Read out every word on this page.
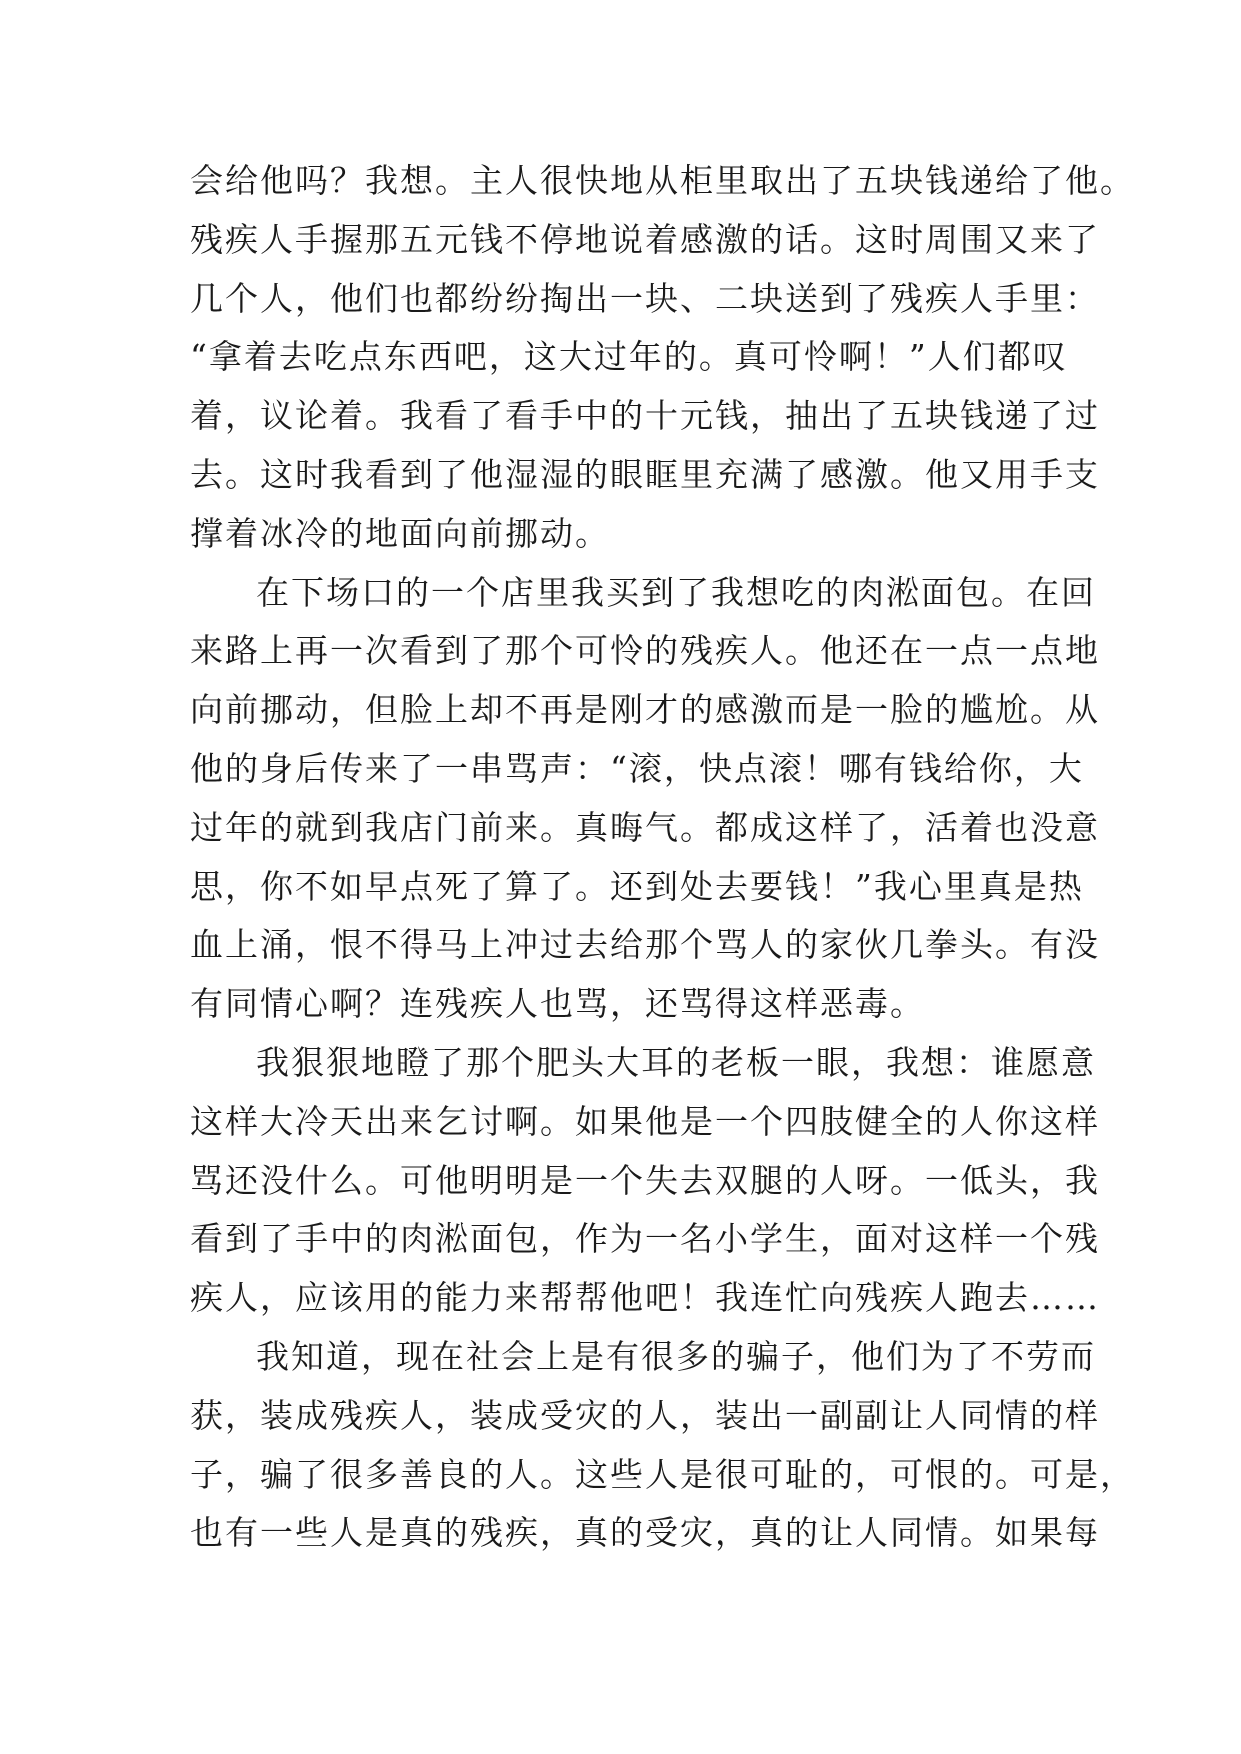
会给他吗？我想。主人很快地从柜里取出了五块钱递给了他。
残疾人手握那五元钱不停地说着感激的话。这时周围又来了
几个人，他们也都纷纷掏出一块、二块送到了残疾人手里：
“拿着去吃点东西吧，这大过年的。真可怜啊！”人们都叹
着，议论着。我看了看手中的十元钱，抽出了五块钱递了过
去。这时我看到了他湿湿的眼眶里充满了感激。他又用手支
撑着冰冷的地面向前挪动。
在下场口的一个店里我买到了我想吃的肉淞面包。在回
来路上再一次看到了那个可怜的残疾人。他还在一点一点地
向前挪动，但脸上却不再是刚才的感激而是一脸的尴尬。从
他的身后传来了一串骂声：“滚，快点滚！哪有钱给你，大
过年的就到我店门前来。真晦气。都成这样了，活着也没意
思，你不如早点死了算了。还到处去要钱！”我心里真是热
血上涌，恨不得马上冲过去给那个骂人的家伙几拳头。有没
有同情心啊？连残疾人也骂，还骂得这样恶毒。
我狠狠地瞪了那个肥头大耳的老板一眼，我想：谁愿意
这样大冷天出来乞讨啊。如果他是一个四肢健全的人你这样
骂还没什么。可他明明是一个失去双腿的人呀。一低头，我
看到了手中的肉淞面包，作为一名小学生，面对这样一个残
疾人，应该用的能力来帮帮他吧！我连忙向残疾人跑去……
我知道，现在社会上是有很多的骗子，他们为了不劳而
获，装成残疾人，装成受灾的人，装出一副副让人同情的样
子，骗了很多善良的人。这些人是很可耻的，可恨的。可是，
也有一些人是真的残疾，真的受灾，真的让人同情。如果每
